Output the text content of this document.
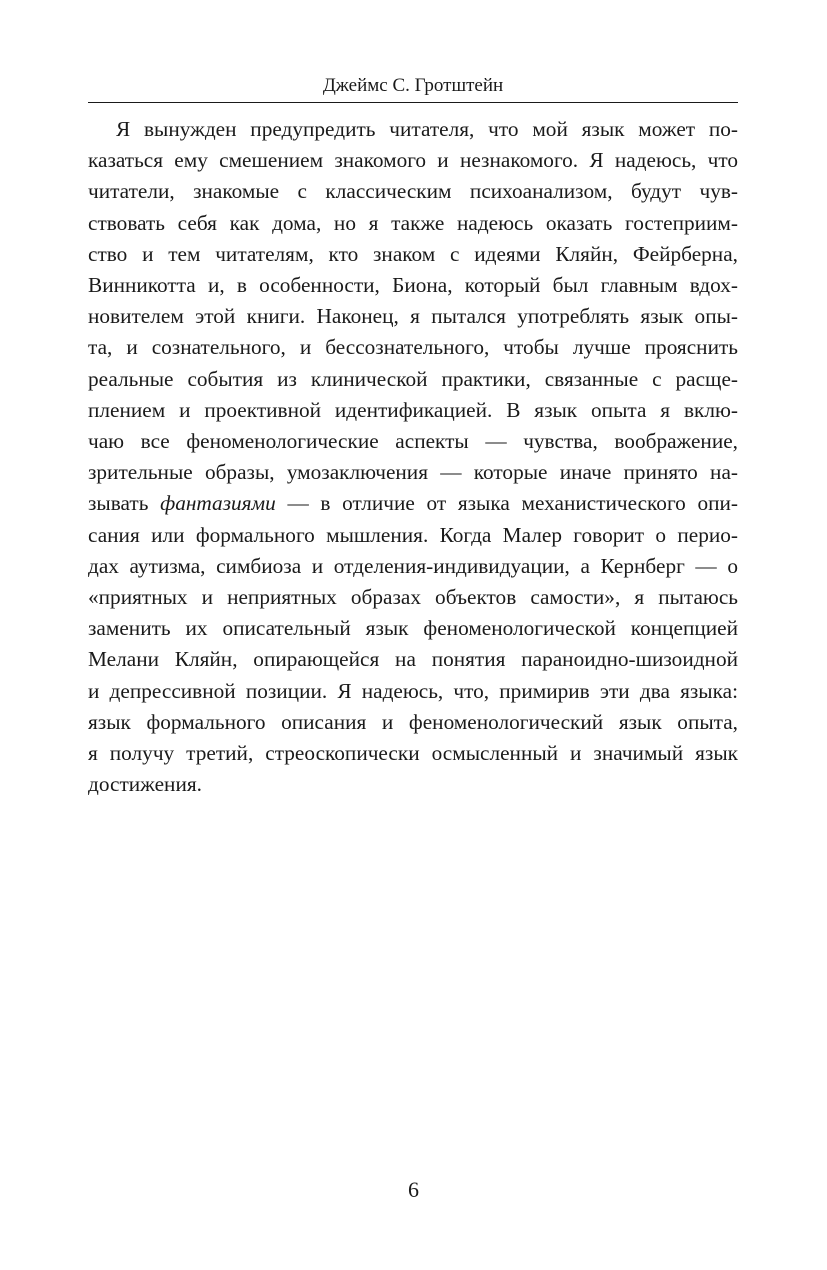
Джеймс С. Гротштейн
Я вынужден предупредить читателя, что мой язык может по-
казаться ему смешением знакомого и незнакомого. Я надеюсь, что
читатели, знакомые с классическим психоанализом, будут чув-
ствовать себя как дома, но я также надеюсь оказать гостеприим-
ство и тем читателям, кто знаком с идеями Кляйн, Фейрберна,
Винникотта и, в особенности, Биона, который был главным вдох-
новителем этой книги. Наконец, я пытался употреблять язык опы-
та, и сознательного, и бессознательного, чтобы лучше прояснить
реальные события из клинической практики, связанные с расще-
плением и проективной идентификацией. В язык опыта я вклю-
чаю все феноменологические аспекты — чувства, воображение,
зрительные образы, умозаключения — которые иначе принято на-
зывать фантазиями — в отличие от языка механистического опи-
сания или формального мышления. Когда Малер говорит о перио-
дах аутизма, симбиоза и отделения-индивидуации, а Кернберг — о
«приятных и неприятных образах объектов самости», я пытаюсь
заменить их описательный язык феноменологической концепцией
Мелани Кляйн, опирающейся на понятия параноидно-шизоидной
и депрессивной позиции. Я надеюсь, что, примирив эти два языка:
язык формального описания и феноменологический язык опыта,
я получу третий, стреоскопически осмысленный и значимый язык
достижения.
6
